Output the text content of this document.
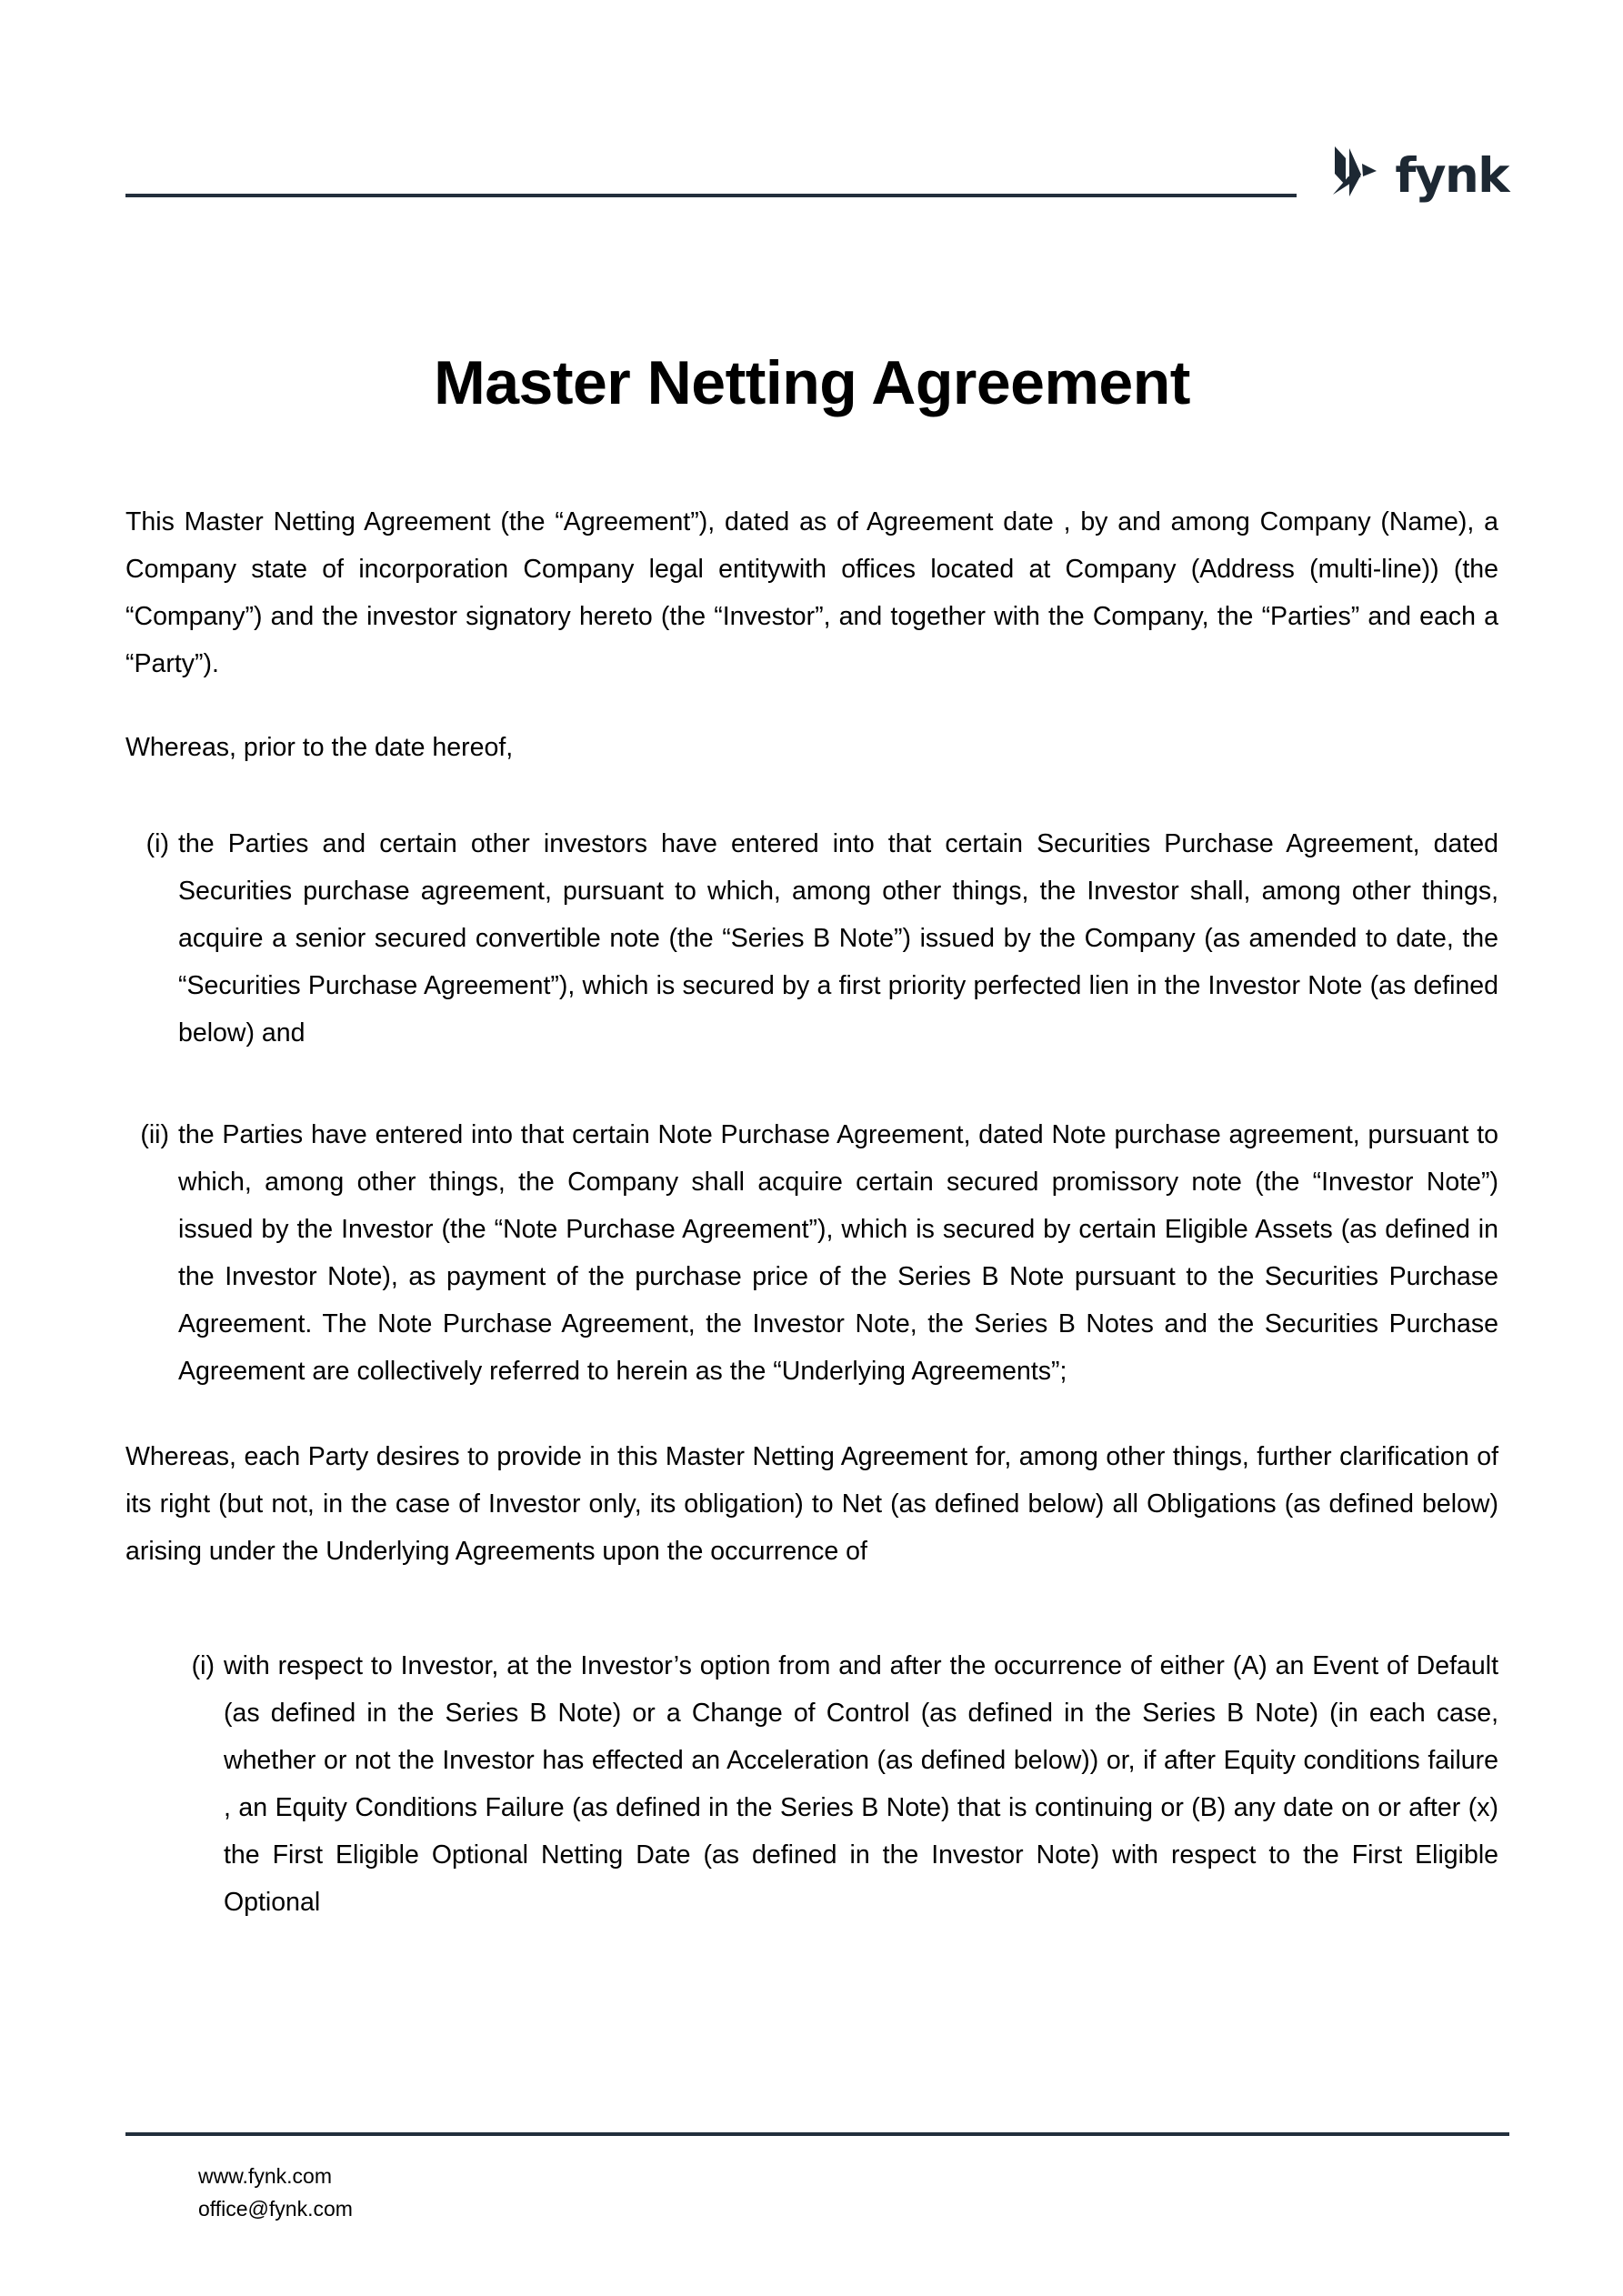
fynk
Master Netting Agreement

This Master Netting Agreement (the “Agreement”), dated as of Agreement date , by and among Company (Name), a Company state of incorporation Company legal entitywith offices located at Company (Address (multi-line)) (the “Company”) and the investor signatory hereto (the “Investor”, and together with the Company, the “Parties” and each a “Party”).

Whereas, prior to the date hereof,

(i) the Parties and certain other investors have entered into that certain Securities Purchase Agreement, dated Securities purchase agreement, pursuant to which, among other things, the Investor shall, among other things, acquire a senior secured convertible note (the “Series B Note”) issued by the Company (as amended to date, the “Securities Purchase Agreement”), which is secured by a first priority perfected lien in the Investor Note (as defined below) and
(ii) the Parties have entered into that certain Note Purchase Agreement, dated Note purchase agreement, pursuant to which, among other things, the Company shall acquire certain secured promissory note (the “Investor Note”) issued by the Investor (the “Note Purchase Agreement”), which is secured by certain Eligible Assets (as defined in the Investor Note), as payment of the purchase price of the Series B Note pursuant to the Securities Purchase Agreement. The Note Purchase Agreement, the Investor Note, the Series B Notes and the Securities Purchase Agreement are collectively referred to herein as the “Underlying Agreements”;

Whereas, each Party desires to provide in this Master Netting Agreement for, among other things, further clarification of its right (but not, in the case of Investor only, its obligation) to Net (as defined below) all Obligations (as defined below) arising under the Underlying Agreements upon the occurrence of

(i) with respect to Investor, at the Investor’s option from and after the occurrence of either (A) an Event of Default (as defined in the Series B Note) or a Change of Control (as defined in the Series B Note) (in each case, whether or not the Investor has effected an Acceleration (as defined below)) or, if after Equity conditions failure , an Equity Conditions Failure (as defined in the Series B Note) that is continuing or (B) any date on or after (x) the First Eligible Optional Netting Date (as defined in the Investor Note) with respect to the First Eligible Optional
www.fynk.com
office@fynk.com
